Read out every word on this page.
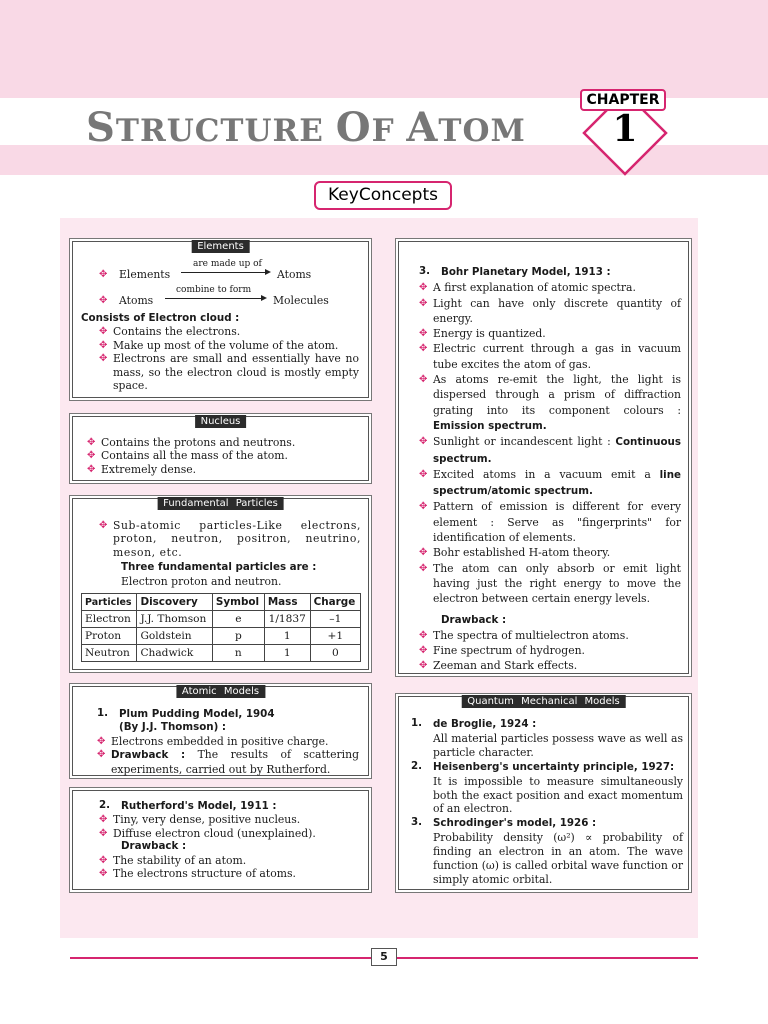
STRUCTURE OF ATOM
CHAPTER
1
KeyConcepts
Elements
✥ Elements
are made up of
Atoms
✥ Atoms
combine to form
Molecules
Consists of Electron cloud :
✥ Contains the electrons.
✥ Make up most of the volume of the atom.
✥ Electrons are small and essentially have no mass, so the electron cloud is mostly empty space.
Nucleus
✥ Contains the protons and neutrons.
✥ Contains all the mass of the atom.
✥ Extremely dense.
Fundamental Particles
✥ Sub-atomic particles-Like electrons, proton, neutron, positron, neutrino, meson, etc.
Three fundamental particles are :
Electron proton and neutron.
Particles	Discovery	Symbol	Mass	Charge
Electron	J.J. Thomson	e	1/1837	–1
Proton	Goldstein	p	1	+1
Neutron	Chadwick	n	1	0
Atomic Models
1. Plum Pudding Model, 1904
(By J.J. Thomson) :
✥ Electrons embedded in positive charge.
✥ Drawback : The results of scattering experiments, carried out by Rutherford.
2. Rutherford's Model, 1911 :
✥ Tiny, very dense, positive nucleus.
✥ Diffuse electron cloud (unexplained).
Drawback :
✥ The stability of an atom.
✥ The electrons structure of atoms.
3. Bohr Planetary Model, 1913 :
✥ A first explanation of atomic spectra.
✥ Light can have only discrete quantity of energy.
✥ Energy is quantized.
✥ Electric current through a gas in vacuum tube excites the atom of gas.
✥ As atoms re-emit the light, the light is dispersed through a prism of diffraction grating into its component colours : Emission spectrum.
✥ Sunlight or incandescent light : Continuous spectrum.
✥ Excited atoms in a vacuum emit a line spectrum/atomic spectrum.
✥ Pattern of emission is different for every element : Serve as "fingerprints" for identification of elements.
✥ Bohr established H-atom theory.
✥ The atom can only absorb or emit light having just the right energy to move the electron between certain energy levels.
Drawback :
✥ The spectra of multielectron atoms.
✥ Fine spectrum of hydrogen.
✥ Zeeman and Stark effects.
Quantum Mechanical Models
1. de Broglie, 1924 :
All material particles possess wave as well as particle character.
2. Heisenberg's uncertainty principle, 1927:
It is impossible to measure simultaneously both the exact position and exact momentum of an electron.
3. Schrodinger's model, 1926 :
Probability density (ω²) ∝ probability of finding an electron in an atom. The wave function (ω) is called orbital wave function or simply atomic orbital.
5
